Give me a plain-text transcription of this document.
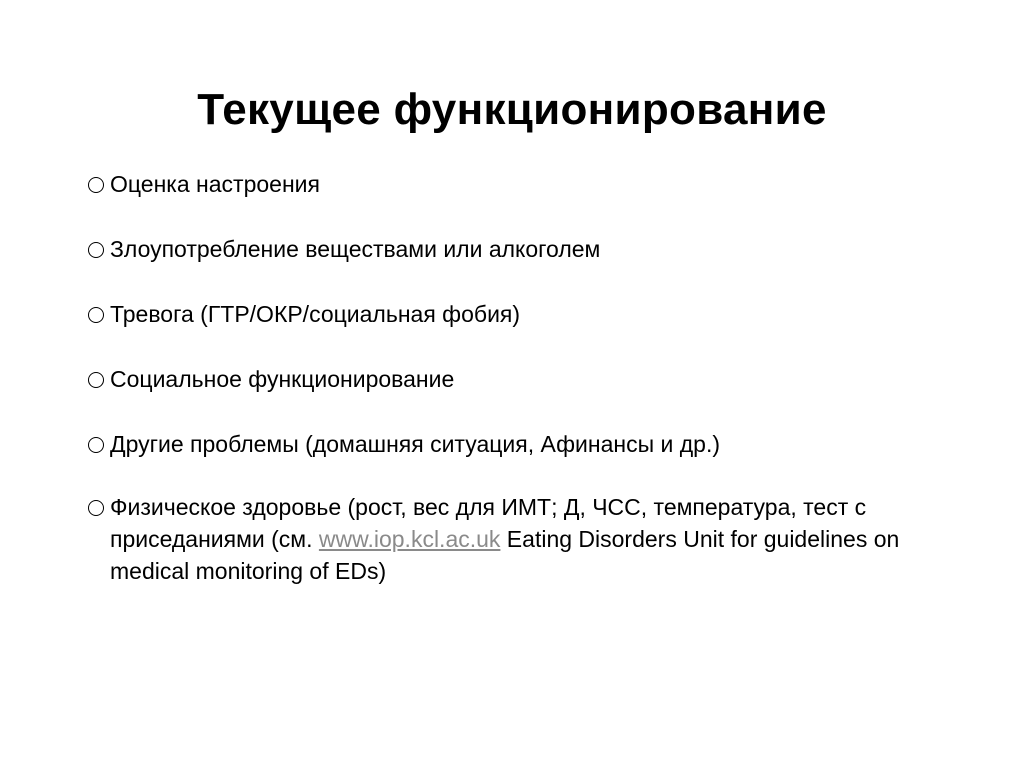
Текущее функционирование
Оценка настроения
Злоупотребление веществами или алкоголем
Тревога (ГТР/ОКР/социальная фобия)
Социальное функционирование
Другие проблемы (домашняя ситуация, Афинансы и др.)
Физическое здоровье (рост, вес для ИМТ; Д, ЧСС, температура, тест с приседаниями (см. www.iop.kcl.ac.uk Eating Disorders Unit for guidelines on medical monitoring of EDs)
